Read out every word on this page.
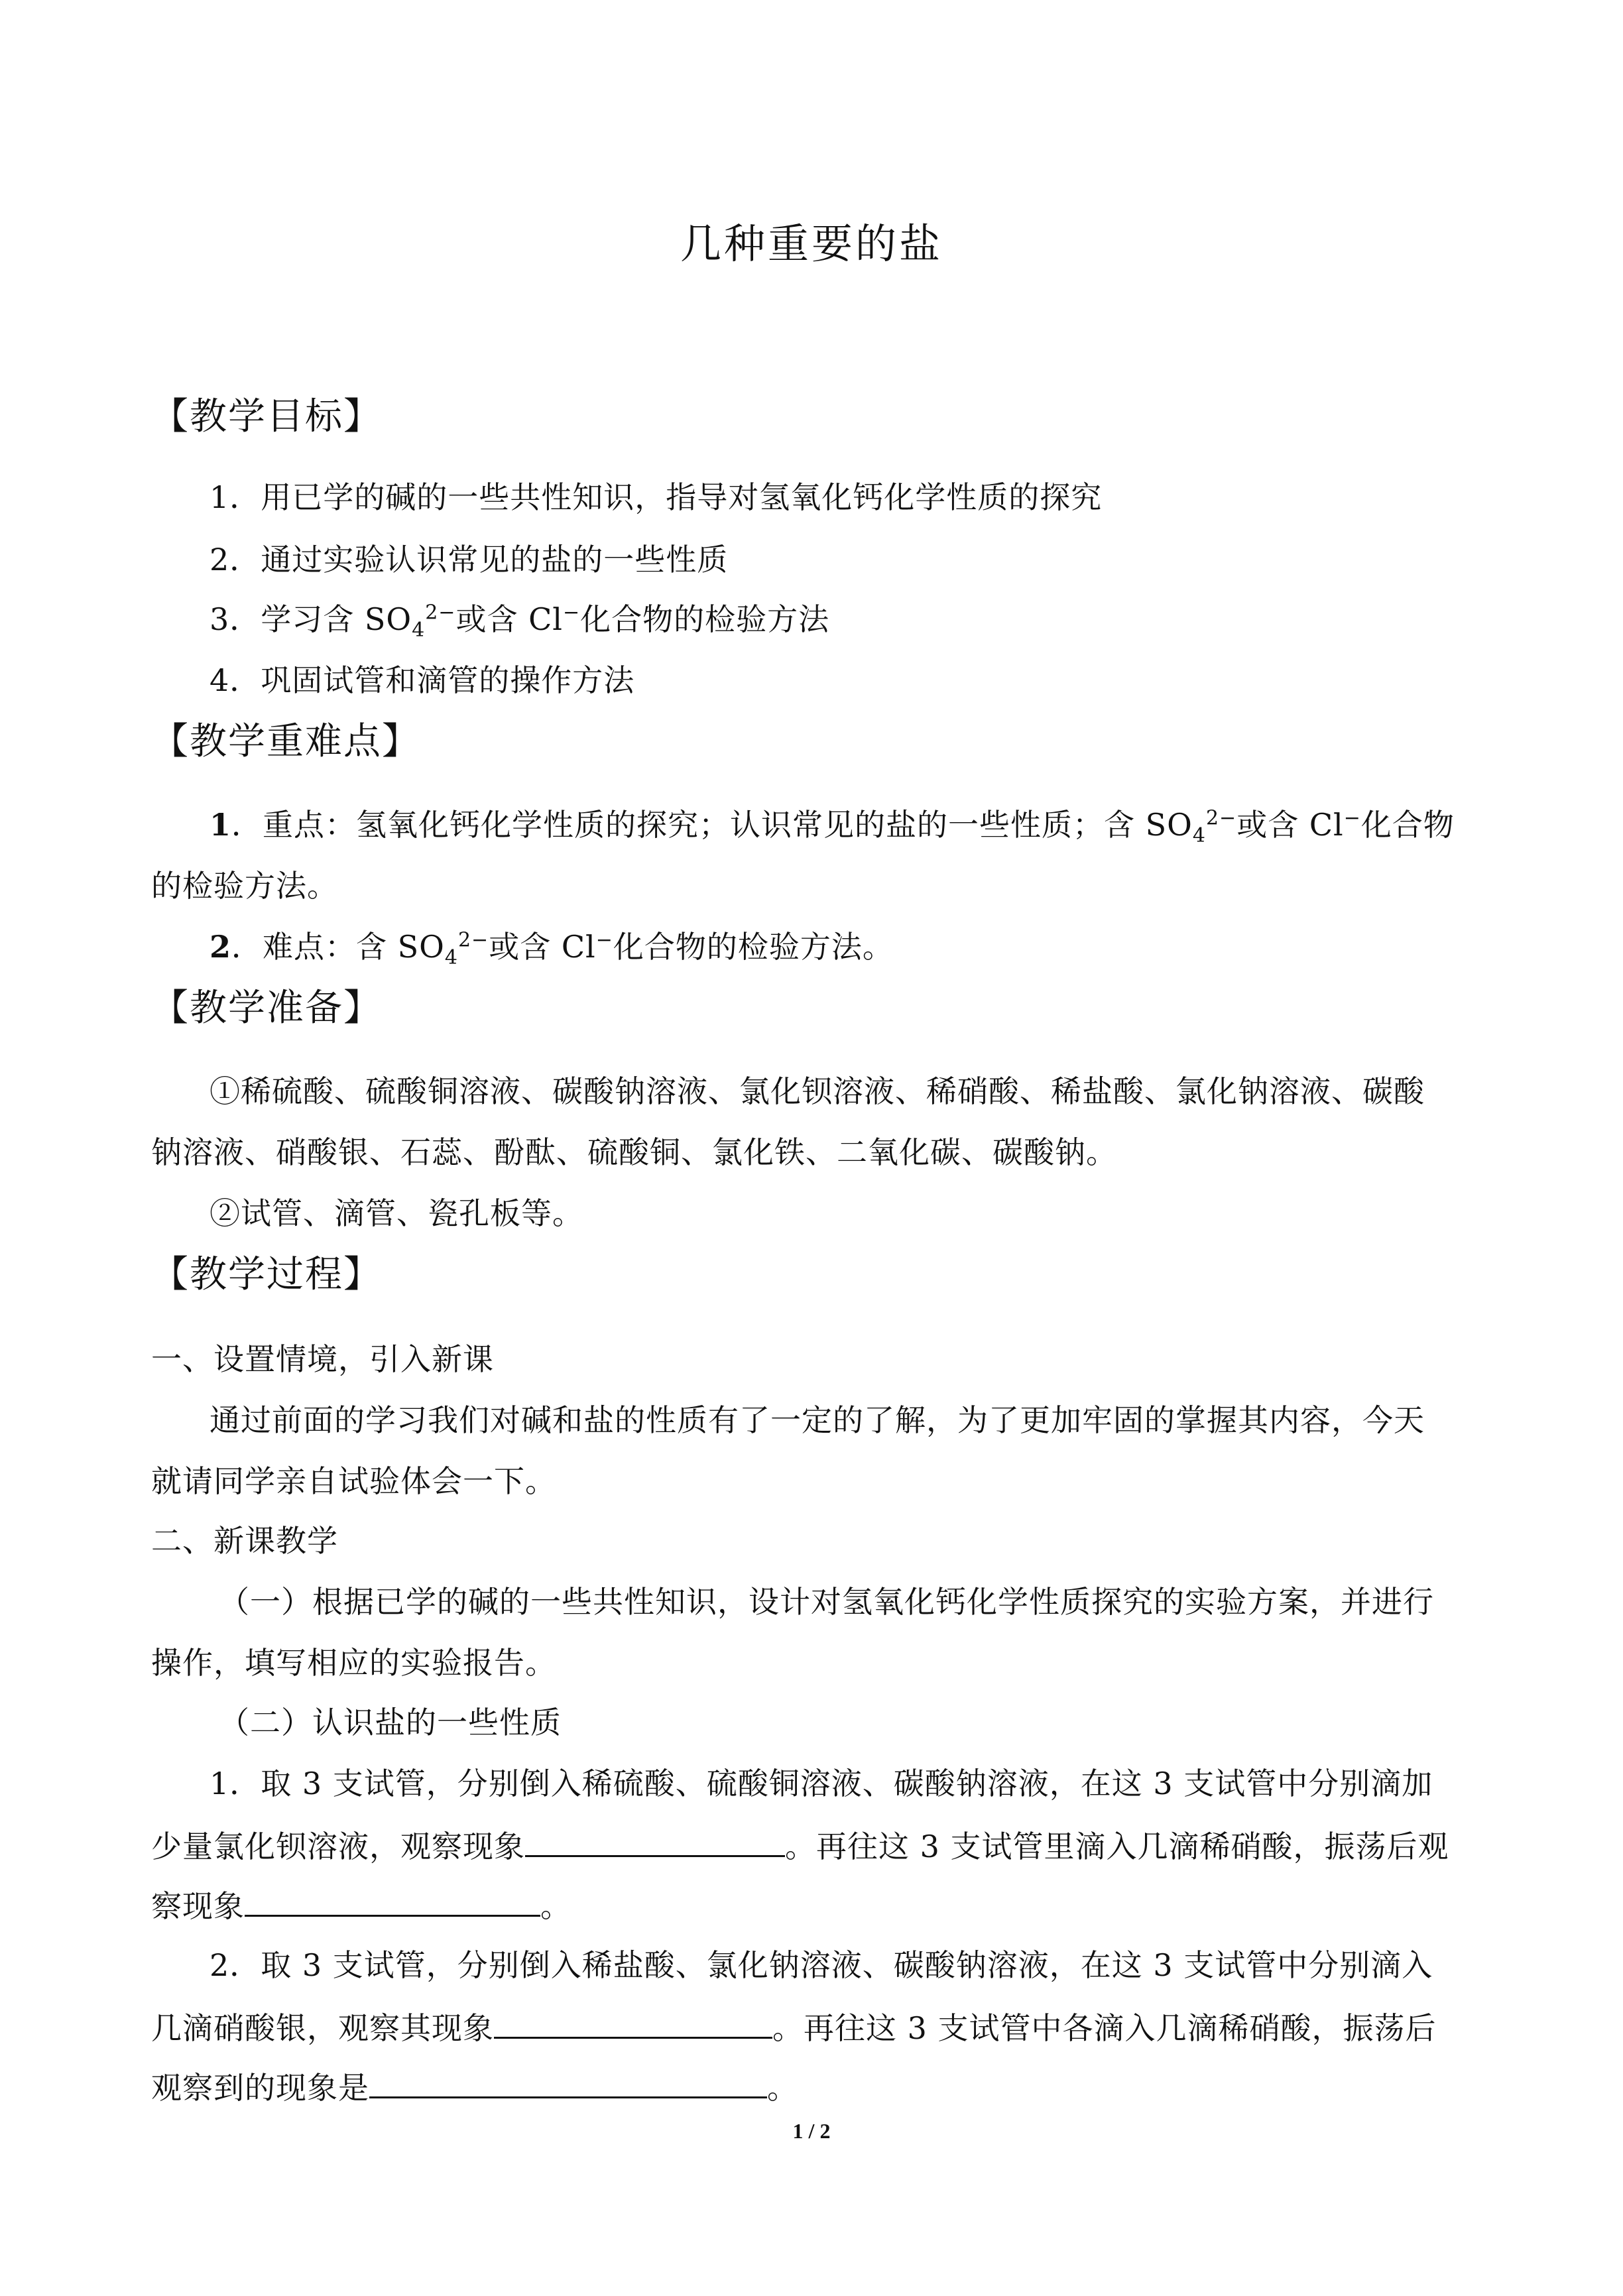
几种重要的盐
【教学目标】
1．用已学的碱的一些共性知识，指导对氢氧化钙化学性质的探究
2．通过实验认识常见的盐的一些性质
3．学习含 $SO_4^{2-}$或含 Cl−化合物的检验方法
4．巩固试管和滴管的操作方法
【教学重难点】
1．重点：氢氧化钙化学性质的探究；认识常见的盐的一些性质；含 $SO_4^{2-}$或含 Cl−化合物
的检验方法。
2．难点：含 $SO_4^{2-}$或含 Cl−化合物的检验方法。
【教学准备】
①稀硫酸、硫酸铜溶液、碳酸钠溶液、氯化钡溶液、稀硝酸、稀盐酸、氯化钠溶液、碳酸
钠溶液、硝酸银、石蕊、酚酞、硫酸铜、氯化铁、二氧化碳、碳酸钠。
②试管、滴管、瓷孔板等。
【教学过程】
一、设置情境，引入新课
通过前面的学习我们对碱和盐的性质有了一定的了解，为了更加牢固的掌握其内容，今天
就请同学亲自试验体会一下。
二、新课教学
（一）根据已学的碱的一些共性知识，设计对氢氧化钙化学性质探究的实验方案，并进行
操作，填写相应的实验报告。
（二）认识盐的一些性质
1．取 3 支试管，分别倒入稀硫酸、硫酸铜溶液、碳酸钠溶液，在这 3 支试管中分别滴加
少量氯化钡溶液，观察现象	。再往这 3 支试管里滴入几滴稀硝酸，振荡后观
察现象	。
2．取 3 支试管，分别倒入稀盐酸、氯化钠溶液、碳酸钠溶液，在这 3 支试管中分别滴入
几滴硝酸银，观察其现象	。再往这 3 支试管中各滴入几滴稀硝酸，振荡后
观察到的现象是	。
1 / 2
